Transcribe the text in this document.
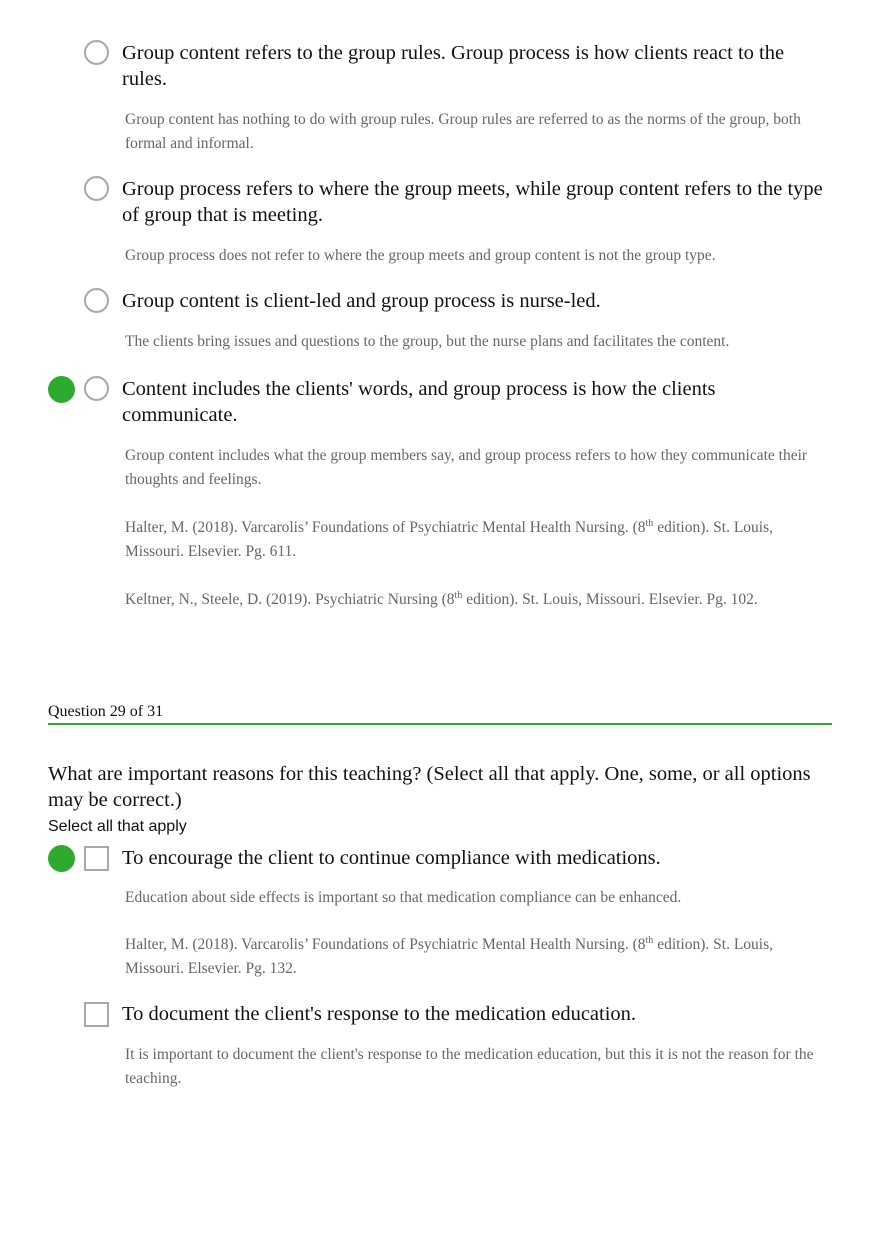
Group content refers to the group rules. Group process is how clients react to the rules.
Group content has nothing to do with group rules. Group rules are referred to as the norms of the group, both formal and informal.
Group process refers to where the group meets, while group content refers to the type of group that is meeting.
Group process does not refer to where the group meets and group content is not the group type.
Group content is client-led and group process is nurse-led.
The clients bring issues and questions to the group, but the nurse plans and facilitates the content.
Content includes the clients' words, and group process is how the clients communicate.
Group content includes what the group members say, and group process refers to how they communicate their thoughts and feelings.
Halter, M. (2018). Varcarolis’ Foundations of Psychiatric Mental Health Nursing. (8th edition). St. Louis, Missouri. Elsevier. Pg. 611.
Keltner, N., Steele, D. (2019). Psychiatric Nursing (8th edition). St. Louis, Missouri. Elsevier. Pg. 102.
Question 29 of 31
What are important reasons for this teaching? (Select all that apply. One, some, or all options may be correct.)
Select all that apply
To encourage the client to continue compliance with medications.
Education about side effects is important so that medication compliance can be enhanced.
Halter, M. (2018). Varcarolis’ Foundations of Psychiatric Mental Health Nursing. (8th edition). St. Louis, Missouri. Elsevier. Pg. 132.
To document the client's response to the medication education.
It is important to document the client's response to the medication education, but this it is not the reason for the teaching.
